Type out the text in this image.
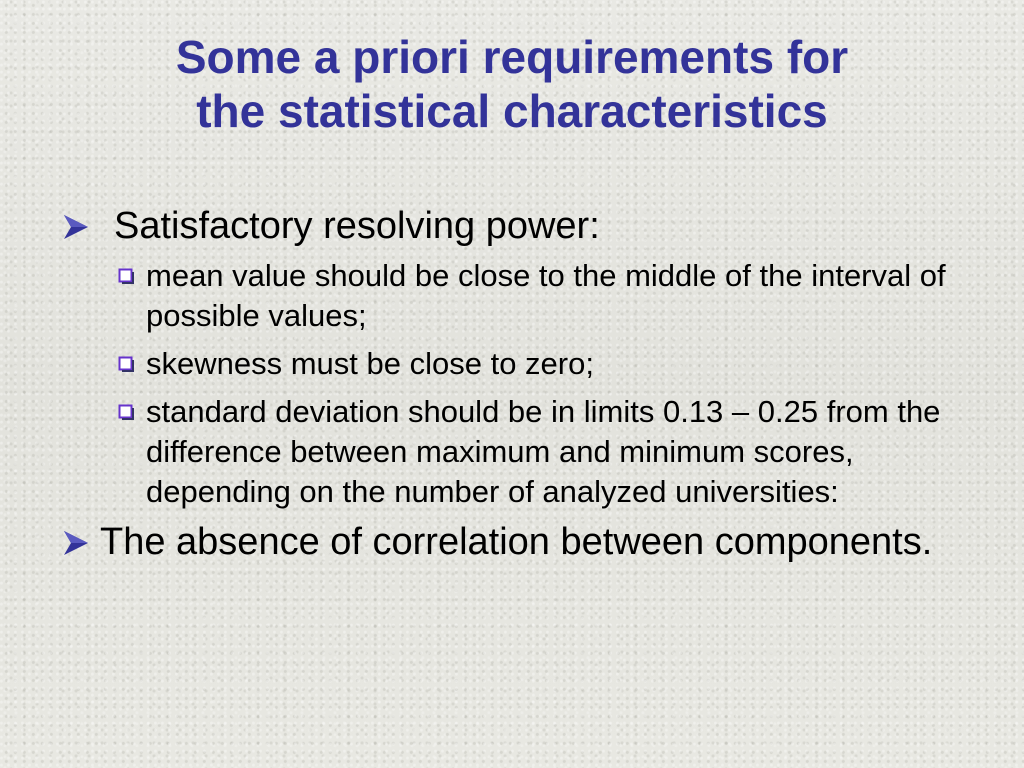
Some a priori requirements for
the statistical characteristics
Satisfactory resolving power:
mean value should be close to the middle of the interval of possible values;
skewness must be close to zero;
standard deviation should be in limits 0.13 – 0.25 from the difference between maximum and minimum scores, depending on the number of analyzed universities:
The absence of correlation between components.
